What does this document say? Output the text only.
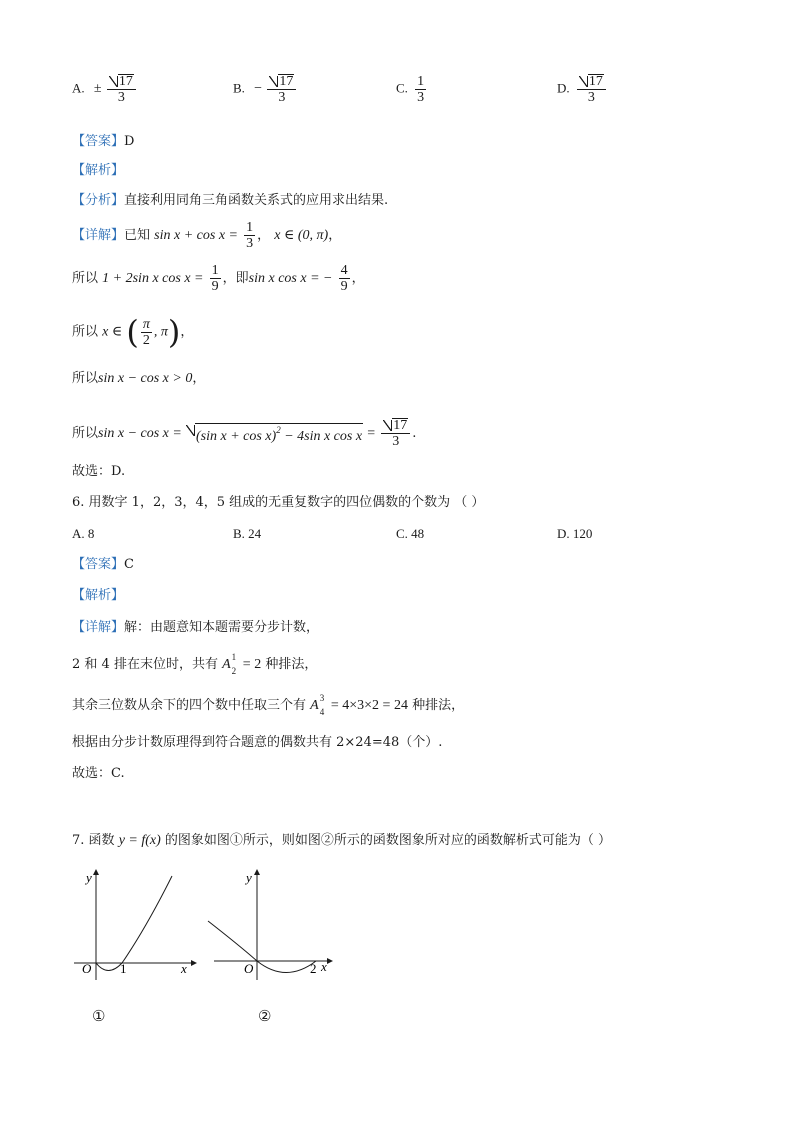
A. ± $\frac{17}{3}$	B. − $\frac{17}{3}$	C. $\frac{1}{3}$	D. $\frac{17}{3}$
【答案】D
【解析】
【分析】直接利用同角三角函数关系式的应用求出结果.
【详解】已知 $\sin x + \cos x = \frac{1}{3}$ ， x ∈ (0, π)，
所以 1 + 2sin x $\cos x = \frac{1}{9}$ ，即sin x cos x = − $\frac{4}{9}$ ，
所以 x ∈ ( $\frac{\pi}{2}$ , π)，
所以sin x − cos x > 0，
所以sin x − cos x = (sin x + cos x)$^2$ − 4sin x $\cos x = \frac{17}{3}$ .
故选：D.
6. 用数字 1，2，3，4，5 组成的无重复数字的四位偶数的个数为 （ ）
A. 8	B. 24	C. 48	D. 120
【答案】C
【解析】
【详解】解：由题意知本题需要分步计数，
2 和 4 排在末位时，共有 A 1
2 = 2 种排法，
其余三位数从余下的四个数中任取三个有 A 3
4 = 4×3×2 = 24 种排法，
根据由分步计数原理得到符合题意的偶数共有 2×24=48（个）.
故选：C.
7. 函数 y = f(x) 的图象如图①所示，则如图②所示的函数图象所对应的函数解析式可能为（ ）
y
x
O 1
①
y
x
O	2
②
